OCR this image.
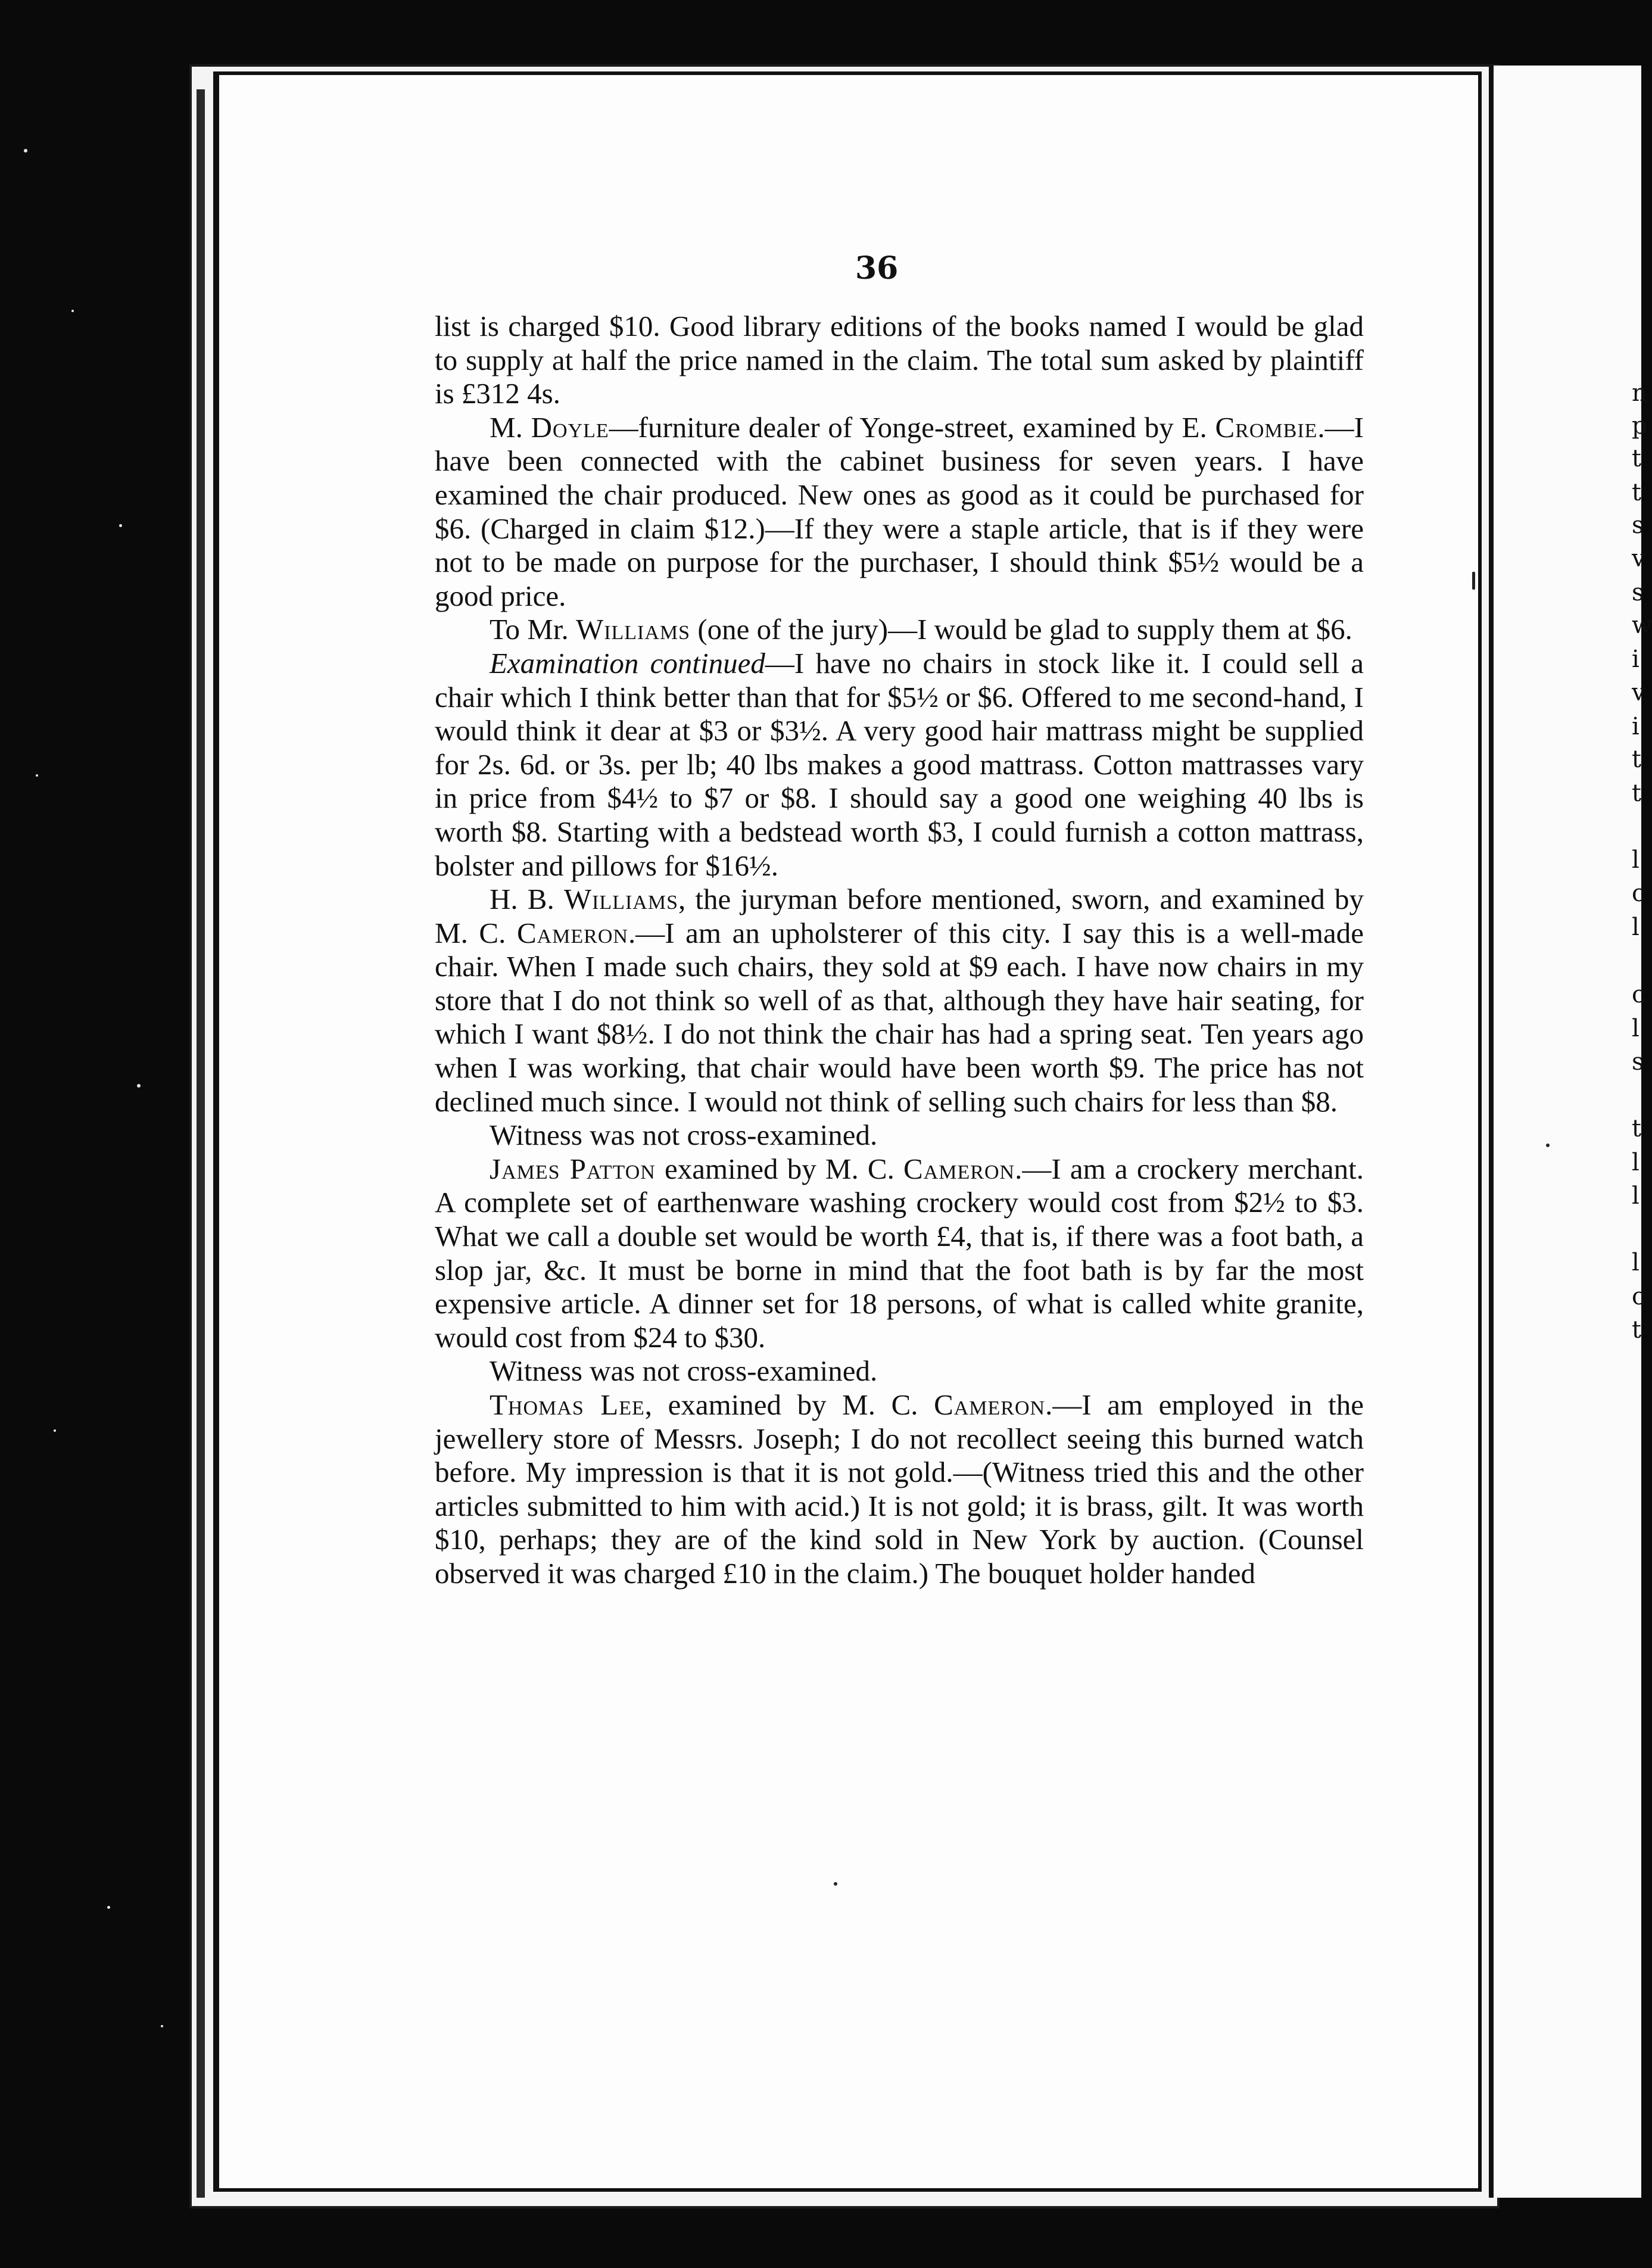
n
p
t
t
s
v
s
w
i
v
i
t
t
l
c
l
c
l
s
t
l
l
l
c
t
36

list is charged $10. Good library editions of the books named I would be glad to supply at half the price named in the claim. The total sum asked by plaintiff is £312 4s.

M. Doyle—furniture dealer of Yonge-street, examined by E. Crombie.—I have been connected with the cabinet business for seven years. I have examined the chair produced. New ones as good as it could be purchased for $6. (Charged in claim $12.)—If they were a staple article, that is if they were not to be made on purpose for the purchaser, I should think $5½ would be a good price.

To Mr. Williams (one of the jury)—I would be glad to supply them at $6.

Examination continued—I have no chairs in stock like it. I could sell a chair which I think better than that for $5½ or $6. Offered to me second-hand, I would think it dear at $3 or $3½. A very good hair mattrass might be supplied for 2s. 6d. or 3s. per lb; 40 lbs makes a good mattrass. Cotton mattrasses vary in price from $4½ to $7 or $8. I should say a good one weighing 40 lbs is worth $8. Starting with a bedstead worth $3, I could furnish a cotton mattrass, bolster and pillows for $16½.

H. B. Williams, the juryman before mentioned, sworn, and examined by M. C. Cameron.—I am an upholsterer of this city. I say this is a well-made chair. When I made such chairs, they sold at $9 each. I have now chairs in my store that I do not think so well of as that, although they have hair seating, for which I want $8½. I do not think the chair has had a spring seat. Ten years ago when I was working, that chair would have been worth $9. The price has not declined much since. I would not think of selling such chairs for less than $8.

Witness was not cross-examined.

James Patton examined by M. C. Cameron.—I am a crockery merchant. A complete set of earthenware washing crockery would cost from $2½ to $3. What we call a double set would be worth £4, that is, if there was a foot bath, a slop jar, &c. It must be borne in mind that the foot bath is by far the most expensive article. A dinner set for 18 persons, of what is called white granite, would cost from $24 to $30.

Witness was not cross-examined.

Thomas Lee, examined by M. C. Cameron.—I am employed in the jewellery store of Messrs. Joseph; I do not recollect seeing this burned watch before. My impression is that it is not gold.—(Witness tried this and the other articles submitted to him with acid.) It is not gold; it is brass, gilt. It was worth $10, perhaps; they are of the kind sold in New York by auction. (Counsel observed it was charged £10 in the claim.) The bouquet holder handed
